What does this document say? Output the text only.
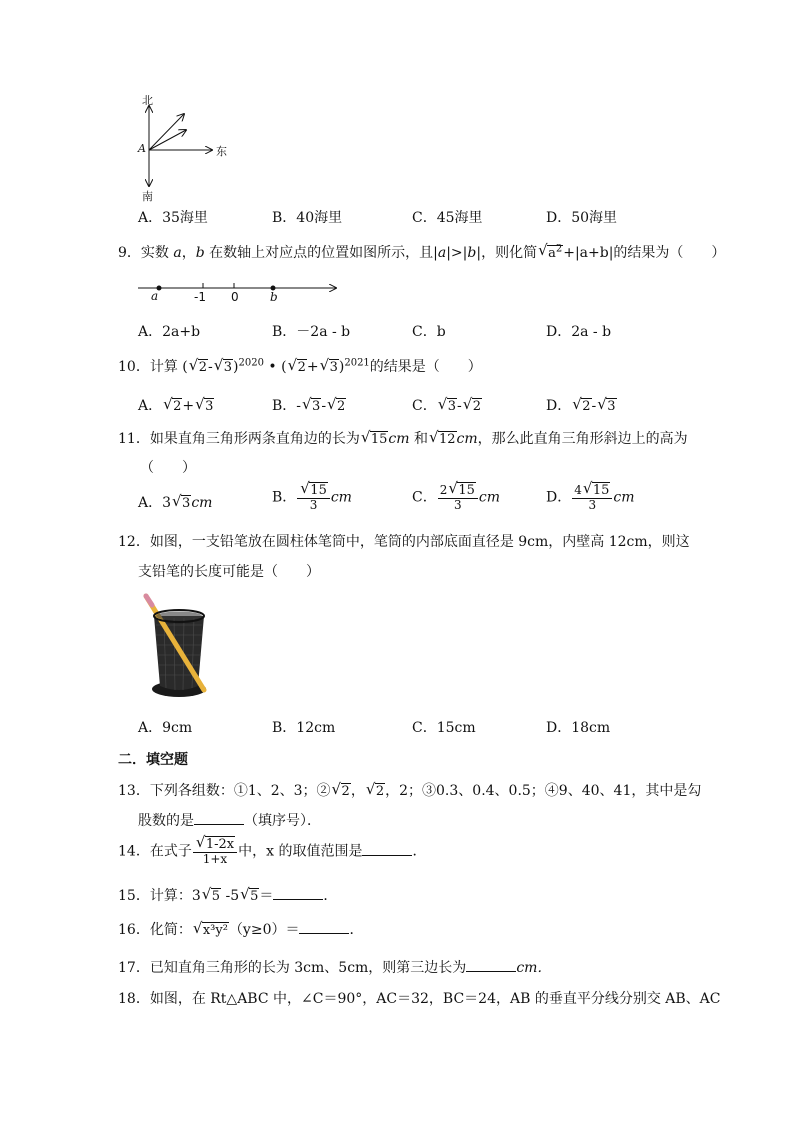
北
A	东
南
A．35海里	B．40海里	C．45海里	D．50海里
9．实数 a，b 在数轴上对应点的位置如图所示，且|a|>|b|，则化简 √ $a^2+|a+b|$的结果为（　　）
a	-1 0	b
A．2a+b	B．－2a - b	C．b	D．2a - b
10．计算 ( √ 2- √ 3)$^{2020}$ • ( √ 2+ √ 3)$^{2021}$的结果是（　　）
A． √ 2+ √ 3	B．- √ 3- √ 2	C． √ 3- √ 2	D． √ 2- √ 3
11．如果直角三角形两条直角边的长为 √ 15cm 和 √ 12cm，那么此直角三角形斜边上的高为
（　　）
A．3 √ 3cm	B． $\frac{√ 15}{3}$ cm	C． $\frac{2 √ 15}{3}$ cm	D． $\frac{4 √ 15}{3}$ cm
12．如图，一支铅笔放在圆柱体笔筒中，笔筒的内部底面直径是 9cm，内壁高 12cm，则这
支铅笔的长度可能是（　　）
A．9cm	B．12cm	C．15cm	D．18cm
二．填空题
13．下列各组数：①1、2、3；② √ 2， √ 2，2；③0.3、0.4、0.5；④9、40、41，其中是勾
股数的是	（填序号）．
14．在式子 $\frac{√ 1-2x}{1+x}$ 中，x 的取值范围是	．
15．计算：3 √ 5 -5 √ 5＝	．
16．化简： √ x³y²（y≥0）＝	．
17．已知直角三角形的长为 3cm、5cm，则第三边长为	cm．
18．如图，在 Rt△ABC 中，∠C＝90°，AC＝32，BC＝24，AB 的垂直平分线分别交 AB、AC
